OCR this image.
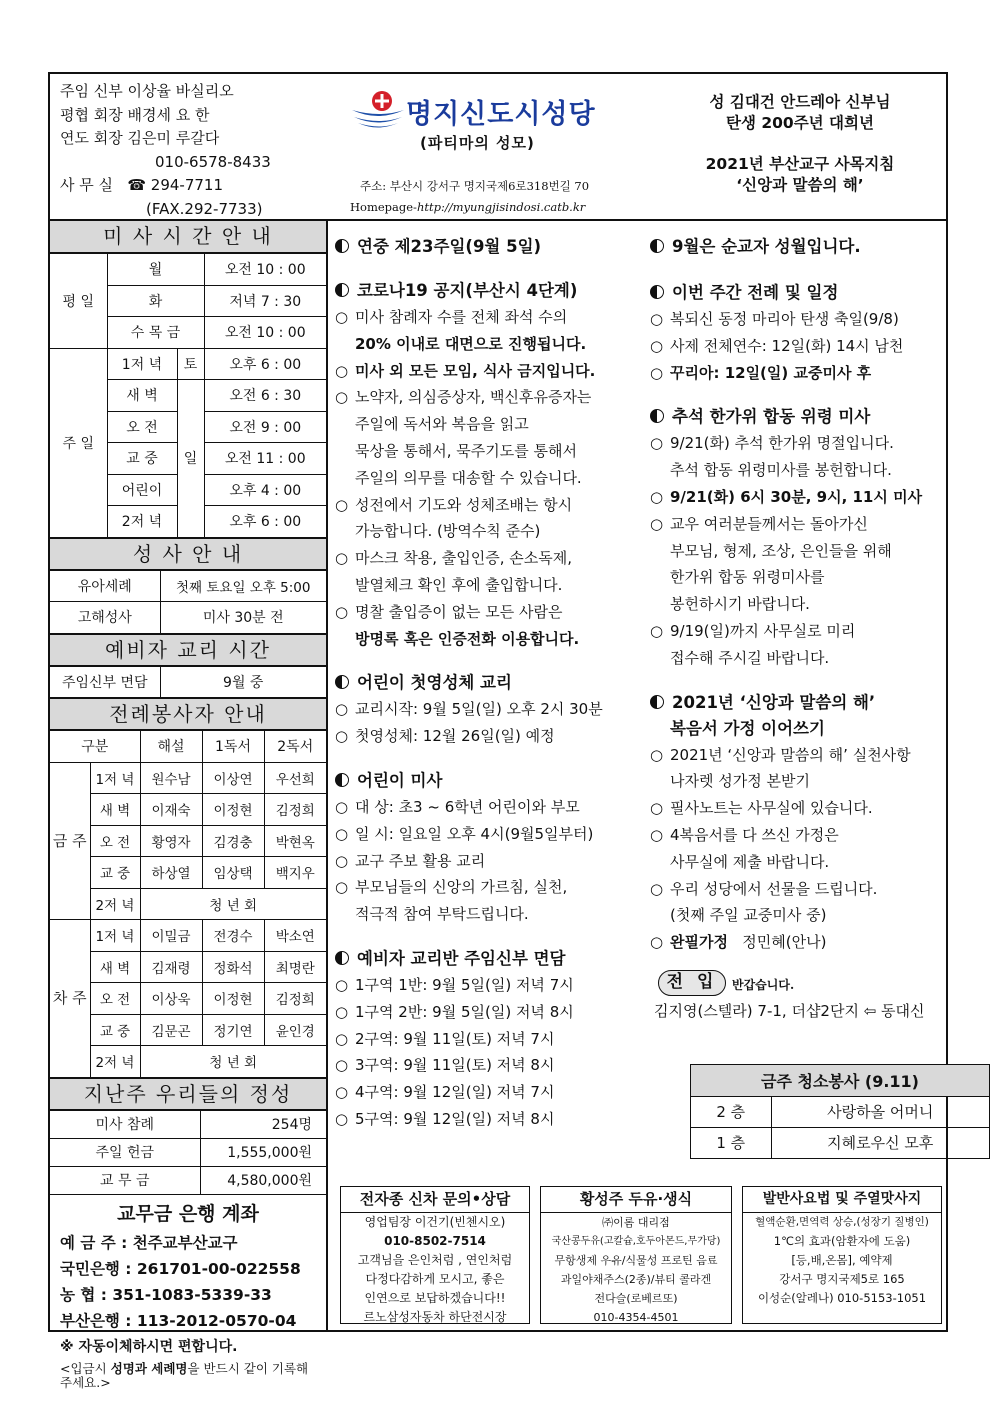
주임 신부 이상율 바실리오
평협 회장 배경세 요 한
연도 회장 김은미 루갈다
010-6578-8433
사 무 실 ☎ 294-7711
(FAX.292-7733)
명지신도시성당
(파티마의 성모)
주소: 부산시 강서구 명지국제6로318번길 70
Homepage-http://myungjisindosi.catb.kr
성 김대건 안드레아 신부님
탄생 200주년 대희년
2021년 부산교구 사목지침
‘신앙과 말씀의 해’
미 사 시 간 안 내
평 일	월		오전 10 : 00
	화		저녁 7 : 30
	수 목 금		오전 10 : 00
주 일	1저 녁	토	오후 6 : 00
	새 벽	일	오전 6 : 30
	오 전		오전 9 : 00
	교 중		오전 11 : 00
	어린이		오후 4 : 00
	2저 녁		오후 6 : 00
성 사 안 내
유아세례	첫째 토요일 오후 5:00
고해성사	미사 30분 전
예비자 교리 시간
주임신부 면담	9월 중
전례봉사자 안내
구분		해설	1독서	2독서
금 주	1저 녁	원수남	이상연	우선희
	새 벽	이재숙	이정현	김정희
	오 전	황영자	김경충	박현옥
	교 중	하상열	임상택	백지우
	2저 녁	청 년 회		
차 주	1저 녁	이밀금	전경수	박소연
	새 벽	김재령	정화석	최명란
	오 전	이상욱	이정현	김정희
	교 중	김문곤	정기연	윤인경
	2저 녁	청 년 회		
지난주 우리들의 정성
미사 참례	254명
주일 헌금	1,555,000원
교 무 금	4,580,000원
교무금 은행 계좌
예 금 주 : 천주교부산교구
국민은행 : 261701-00-022558
농 협 : 351-1083-5339-33
부산은행 : 113-2012-0570-04
※ 자동이체하시면 편합니다.
<입금시 성명과 세례명을 반드시 같이 기록해 주세요.>
연중 제23주일(9월 5일)
코로나19 공지(부산시 4단계)
○ 미사 참례자 수를 전체 좌석 수의
20% 이내로 대면으로 진행됩니다.
○ 미사 외 모든 모임, 식사 금지입니다.
○ 노약자, 의심증상자, 백신후유증자는
주일에 독서와 복음을 읽고
묵상을 통해서, 묵주기도를 통해서
주일의 의무를 대송할 수 있습니다.
○ 성전에서 기도와 성체조배는 항시
가능합니다. (방역수칙 준수)
○ 마스크 착용, 출입인증, 손소독제,
발열체크 확인 후에 출입합니다.
○ 명찰 출입증이 없는 모든 사람은
방명록 혹은 인증전화 이용합니다.
어린이 첫영성체 교리
○ 교리시작: 9월 5일(일) 오후 2시 30분
○ 첫영성체: 12월 26일(일) 예정
어린이 미사
○ 대 상: 초3 ~ 6학년 어린이와 부모
○ 일 시: 일요일 오후 4시(9월5일부터)
○ 교구 주보 활용 교리
○ 부모님들의 신앙의 가르침, 실천,
적극적 참여 부탁드립니다.
예비자 교리반 주임신부 면담
○ 1구역 1반: 9월 5일(일) 저녁 7시
○ 1구역 2반: 9월 5일(일) 저녁 8시
○ 2구역: 9월 11일(토) 저녁 7시
○ 3구역: 9월 11일(토) 저녁 8시
○ 4구역: 9월 12일(일) 저녁 7시
○ 5구역: 9월 12일(일) 저녁 8시
9월은 순교자 성월입니다.
이번 주간 전례 및 일정
○ 복되신 동정 마리아 탄생 축일(9/8)
○ 사제 전체연수: 12일(화) 14시 남천
○ 꾸리아: 12일(일) 교중미사 후
추석 한가위 합동 위령 미사
○ 9/21(화) 추석 한가위 명절입니다.
추석 합동 위령미사를 봉헌합니다.
○ 9/21(화) 6시 30분, 9시, 11시 미사
○ 교우 여러분들께서는 돌아가신
부모님, 형제, 조상, 은인들을 위해
한가위 합동 위령미사를
봉헌하시기 바랍니다.
○ 9/19(일)까지 사무실로 미리
접수해 주시길 바랍니다.
2021년 ‘신앙과 말씀의 해’
복음서 가정 이어쓰기
○ 2021년 ‘신앙과 말씀의 해’ 실천사항
나자렛 성가정 본받기
○ 필사노트는 사무실에 있습니다.
○ 4복음서를 다 쓰신 가정은
사무실에 제출 바랍니다.
○ 우리 성당에서 선물을 드립니다.
(첫째 주일 교중미사 중)
○ 완필가정 정민혜(안나)
전 입	반갑습니다.
김지영(스텔라) 7-1, 더샵2단지 ⇦ 동대신
금주 청소봉사 (9.11)	
2 층	사랑하올 어머니
1 층	지혜로우신 모후
전자종 신차 문의•상담
영업팀장 이건기(빈첸시오)
010-8502-7514
고객님을 은인처럼 , 연인처럼
다정다감하게 모시고, 좋은
인연으로 보답하겠습니다!!
르노삼성자동차 하단전시장
황성주 두유·생식
㈜이롬 대리점
국산콩두유(고칼슘,호두아몬드,무가당)
무항생제 우유/식물성 프로틴 음료
과일야채주스(2종)/뷰티 콜라겐
전다슬(로베르또)
010-4354-4501
발반사요법 및 주열맛사지
혈액순환,면역력 상승,(성장기 질병인)
1℃의 효과(암환자에 도움)
[등,배,온몸], 예약제
강서구 명지국제5로 165
이성순(알레나) 010-5153-1051
